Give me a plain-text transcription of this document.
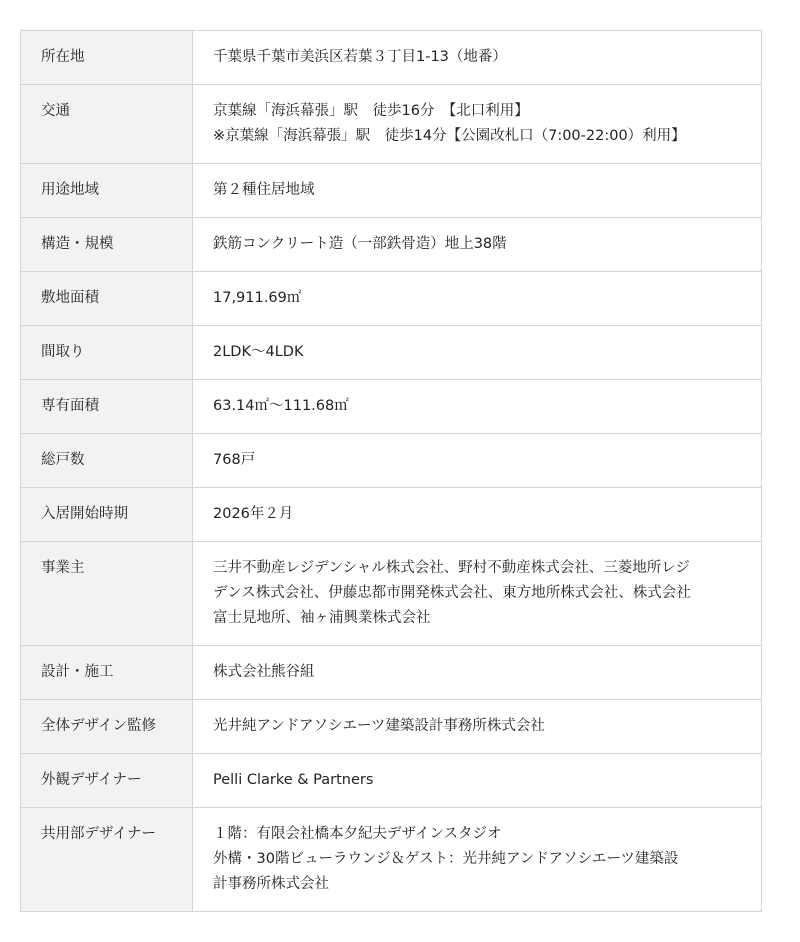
所在地	千葉県千葉市美浜区若葉３丁目1-13（地番）

交通	京葉線「海浜幕張」駅　徒歩16分　【北口利用】
※京葉線「海浜幕張」駅　徒歩14分【公園改札口（7:00-22:00）利用】

用途地域	第２種住居地域

構造・規模	鉄筋コンクリート造（一部鉄骨造）地上38階

敷地面積	17,911.69㎡

間取り	2LDK～4LDK

専有面積	63.14㎡～111.68㎡

総戸数	768戸

入居開始時期	2026年２月

事業主	三井不動産レジデンシャル株式会社、野村不動産株式会社、三菱地所レジ
デンス株式会社、伊藤忠都市開発株式会社、東方地所株式会社、株式会社
富士見地所、袖ヶ浦興業株式会社

設計・施工	株式会社熊谷組

全体デザイン監修	光井純アンドアソシエーツ建築設計事務所株式会社

外観デザイナー	Pelli Clarke & Partners

共用部デザイナー	１階：有限会社橋本夕紀夫デザインスタジオ
外構・30階ビューラウンジ＆ゲスト：光井純アンドアソシエーツ建築設
計事務所株式会社
